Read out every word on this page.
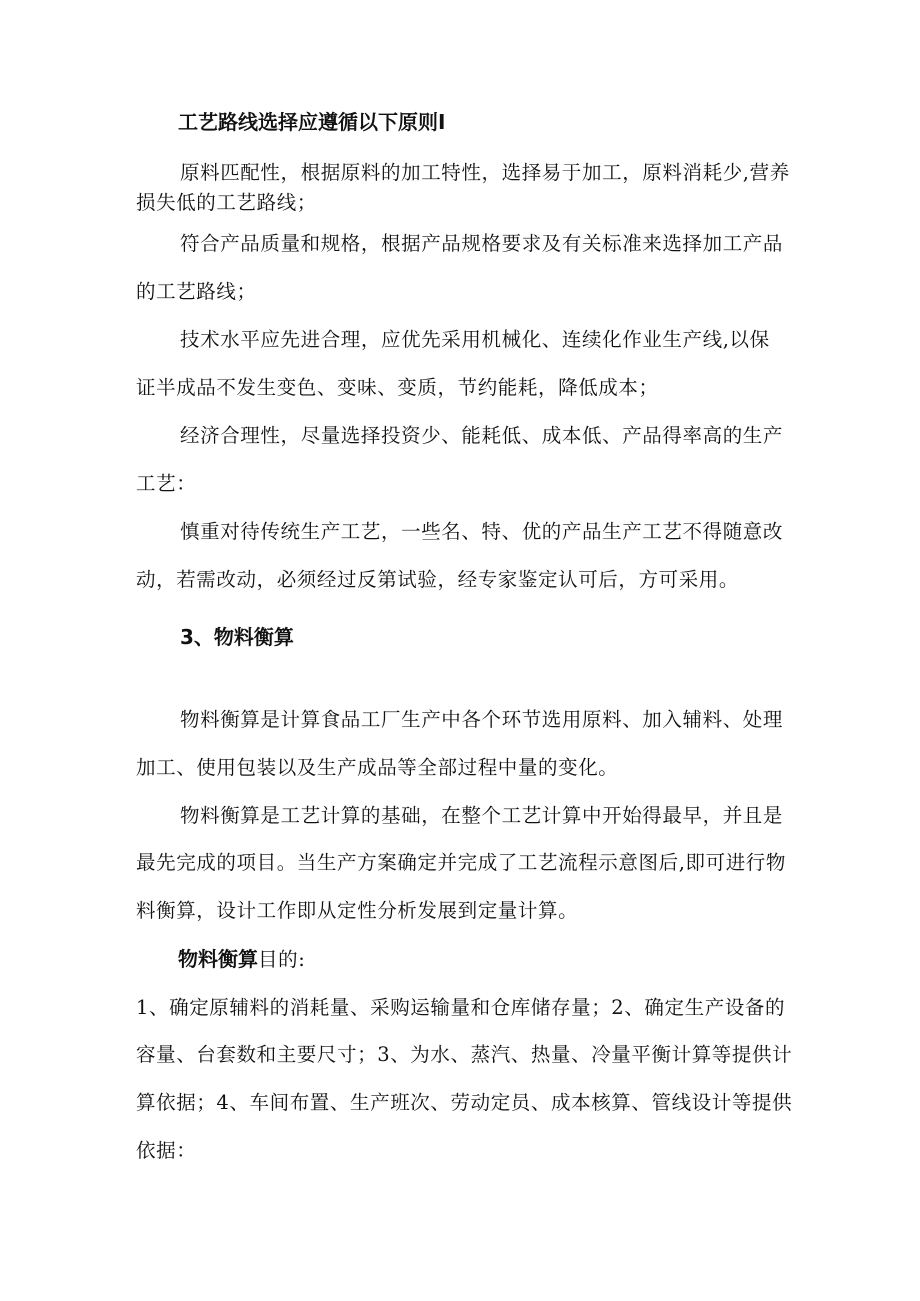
工艺路线选择应遵循以下原则I
原料匹配性，根据原料的加工特性，选择易于加工，原料消耗少,营养
损失低的工艺路线；
符合产品质量和规格，根据产品规格要求及有关标准来选择加工产品
的工艺路线；
技术水平应先进合理，应优先采用机械化、连续化作业生产线,以保
证半成品不发生变色、变味、变质，节约能耗，降低成本；
经济合理性，尽量选择投资少、能耗低、成本低、产品得率高的生产
工艺：
慎重对待传统生产工艺，一些名、特、优的产品生产工艺不得随意改
动，若需改动，必须经过反第试验，经专家鉴定认可后，方可采用。
3、物料衡算
物料衡算是计算食品工厂生产中各个环节选用原料、加入辅料、处理
加工、使用包装以及生产成品等全部过程中量的变化。
物料衡算是工艺计算的基础，在整个工艺计算中开始得最早，并且是
最先完成的项目。当生产方案确定并完成了工艺流程示意图后,即可进行物
料衡算，设计工作即从定性分析发展到定量计算。
物料衡算目的:
1、确定原辅料的消耗量、采购运输量和仓库储存量；2、确定生产设备的
容量、台套数和主要尺寸；3、为水、蒸汽、热量、冷量平衡计算等提供计
算依据；4、车间布置、生产班次、劳动定员、成本核算、管线设计等提供
依据：
